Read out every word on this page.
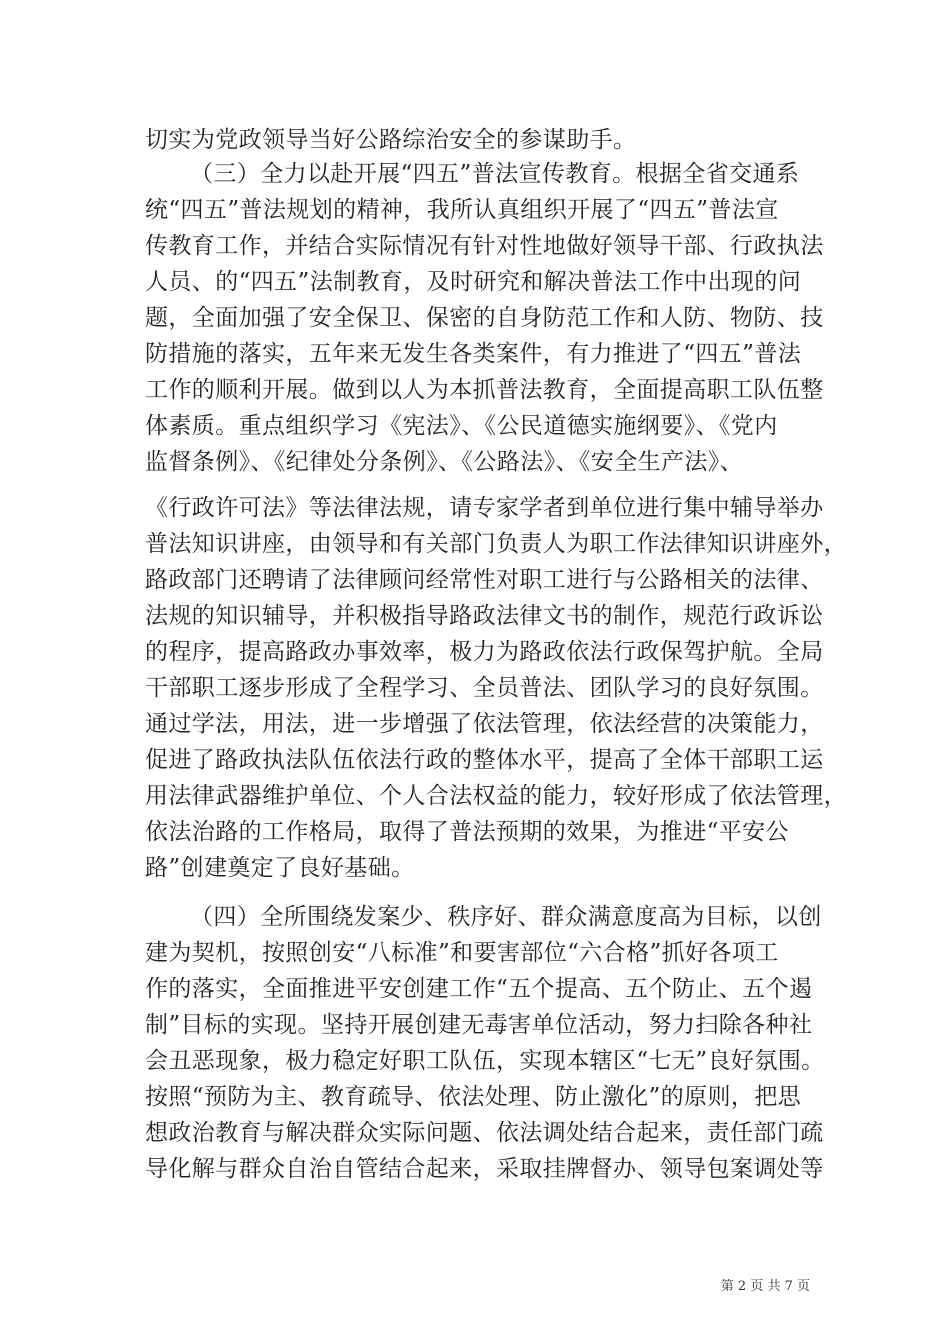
切实为党政领导当好公路综治安全的参谋助手。
（三）全力以赴开展“四五”普法宣传教育。根据全省交通系
统“四五”普法规划的精神，我所认真组织开展了“四五”普法宣
传教育工作，并结合实际情况有针对性地做好领导干部、行政执法
人员、的“四五”法制教育，及时研究和解决普法工作中出现的问
题，全面加强了安全保卫、保密的自身防范工作和人防、物防、技
防措施的落实，五年来无发生各类案件，有力推进了“四五”普法
工作的顺利开展。做到以人为本抓普法教育，全面提高职工队伍整
体素质。重点组织学习《宪法》、《公民道德实施纲要》、《党内
监督条例》、《纪律处分条例》、《公路法》、《安全生产法》、
《行政许可法》等法律法规，请专家学者到单位进行集中辅导举办
普法知识讲座，由领导和有关部门负责人为职工作法律知识讲座外，
路政部门还聘请了法律顾问经常性对职工进行与公路相关的法律、
法规的知识辅导，并积极指导路政法律文书的制作，规范行政诉讼
的程序，提高路政办事效率，极力为路政依法行政保驾护航。全局
干部职工逐步形成了全程学习、全员普法、团队学习的良好氛围。
通过学法，用法，进一步增强了依法管理，依法经营的决策能力，
促进了路政执法队伍依法行政的整体水平，提高了全体干部职工运
用法律武器维护单位、个人合法权益的能力，较好形成了依法管理，
依法治路的工作格局，取得了普法预期的效果，为推进“平安公
路”创建奠定了良好基础。
（四）全所围绕发案少、秩序好、群众满意度高为目标，以创
建为契机，按照创安“八标准”和要害部位“六合格”抓好各项工
作的落实，全面推进平安创建工作“五个提高、五个防止、五个遏
制”目标的实现。坚持开展创建无毒害单位活动，努力扫除各种社
会丑恶现象，极力稳定好职工队伍，实现本辖区“七无”良好氛围。
按照“预防为主、教育疏导、依法处理、防止激化”的原则，把思
想政治教育与解决群众实际问题、依法调处结合起来，责任部门疏
导化解与群众自治自管结合起来，采取挂牌督办、领导包案调处等
第 2 页 共 7 页
